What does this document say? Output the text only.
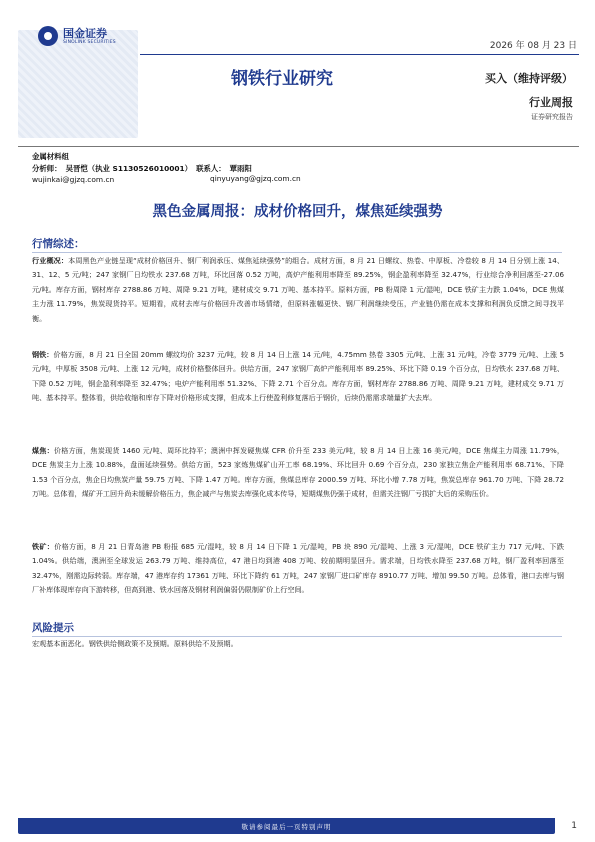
国金证券
SINOLINK SECURITIES	2026 年 08 月 23 日
钢铁行业研究	买入（维持评级）
行业周报
证券研究报告
金属材料组
分析师： 吴晋恺（执业 S1130526010001） 联系人： 覃雨阳
wujinkai@gjzq.com.cn	qinyuyang@gjzq.com.cn
黑色金属周报：成材价格回升，煤焦延续强势
行情综述：
行业概况：本周黑色产业链呈现“成材价格回升、钢厂利润承压、煤焦延续强势”的组合。成材方面，8 月 21 日螺纹、热卷、中厚板、冷卷较 8 月 14 日分别上涨 14、31、12、5 元/吨；247 家钢厂日均铁水 237.68 万吨，环比回落 0.52 万吨，高炉产能利用率降至 89.25%，钢企盈利率降至 32.47%，行业综合净利回落至-27.06 元/吨。库存方面，钢材库存 2788.86 万吨、周降 9.21 万吨，建材成交 9.71 万吨、基本持平。原料方面，PB 粉周降 1 元/湿吨，DCE 铁矿主力跌 1.04%，DCE 焦煤主力涨 11.79%，焦炭现货持平。短期看，成材去库与价格回升改善市场情绪，但原料涨幅更快、钢厂利润继续受压，产业链仍需在成本支撑和利润负反馈之间寻找平衡。
钢铁：价格方面，8 月 21 日全国 20mm 螺纹均价 3237 元/吨，较 8 月 14 日上涨 14 元/吨，4.75mm 热卷 3305 元/吨、上涨 31 元/吨，冷卷 3779 元/吨、上涨 5 元/吨，中厚板 3508 元/吨、上涨 12 元/吨，成材价格整体回升。供给方面，247 家钢厂高炉产能利用率 89.25%、环比下降 0.19 个百分点，日均铁水 237.68 万吨、下降 0.52 万吨，钢企盈利率降至 32.47%；电炉产能利用率 51.32%、下降 2.71 个百分点。库存方面，钢材库存 2788.86 万吨、周降 9.21 万吨，建材成交 9.71 万吨、基本持平。整体看，供给收缩和库存下降对价格形成支撑，但成本上行使盈利修复落后于钢价，后续仍需需求端量扩大去库。
煤焦：价格方面，焦炭现货 1460 元/吨、周环比持平；澳洲中挥发硬焦煤 CFR 价升至 233 美元/吨，较 8 月 14 日上涨 16 美元/吨，DCE 焦煤主力周涨 11.79%，DCE 焦炭主力上涨 10.88%，盘面延续强势。供给方面，523 家炼焦煤矿山开工率 68.19%、环比回升 0.69 个百分点，230 家独立焦企产能利用率 68.71%、下降 1.53 个百分点，焦企日均焦炭产量 59.75 万吨、下降 1.47 万吨。库存方面，焦煤总库存 2000.59 万吨、环比小增 7.78 万吨，焦炭总库存 961.70 万吨、下降 28.72 万吨。总体看，煤矿开工回升尚未缓解价格压力，焦企减产与焦炭去库强化成本传导，短期煤焦仍强于成材，但需关注钢厂亏损扩大后的采购压价。
铁矿：价格方面，8 月 21 日青岛港 PB 粉报 685 元/湿吨，较 8 月 14 日下降 1 元/湿吨，PB 块 890 元/湿吨、上涨 3 元/湿吨，DCE 铁矿主力 717 元/吨、下跌 1.04%。供给端，澳洲至全球发运 263.79 万吨、维持高位，47 港日均到港 408 万吨、较前期明显回升。需求端，日均铁水降至 237.68 万吨，钢厂盈利率回落至 32.47%，刚需边际转弱。库存端，47 港库存约 17361 万吨、环比下降约 61 万吨，247 家钢厂进口矿库存 8910.77 万吨、增加 99.50 万吨。总体看，港口去库与钢厂补库体现库存向下游转移，但高到港、铁水回落及钢材利润偏弱仍限制矿价上行空间。
风险提示
宏观基本面恶化。钢铁供给侧政策不及预期。原料供给不及预期。
敬请参阅最后一页特别声明	1
